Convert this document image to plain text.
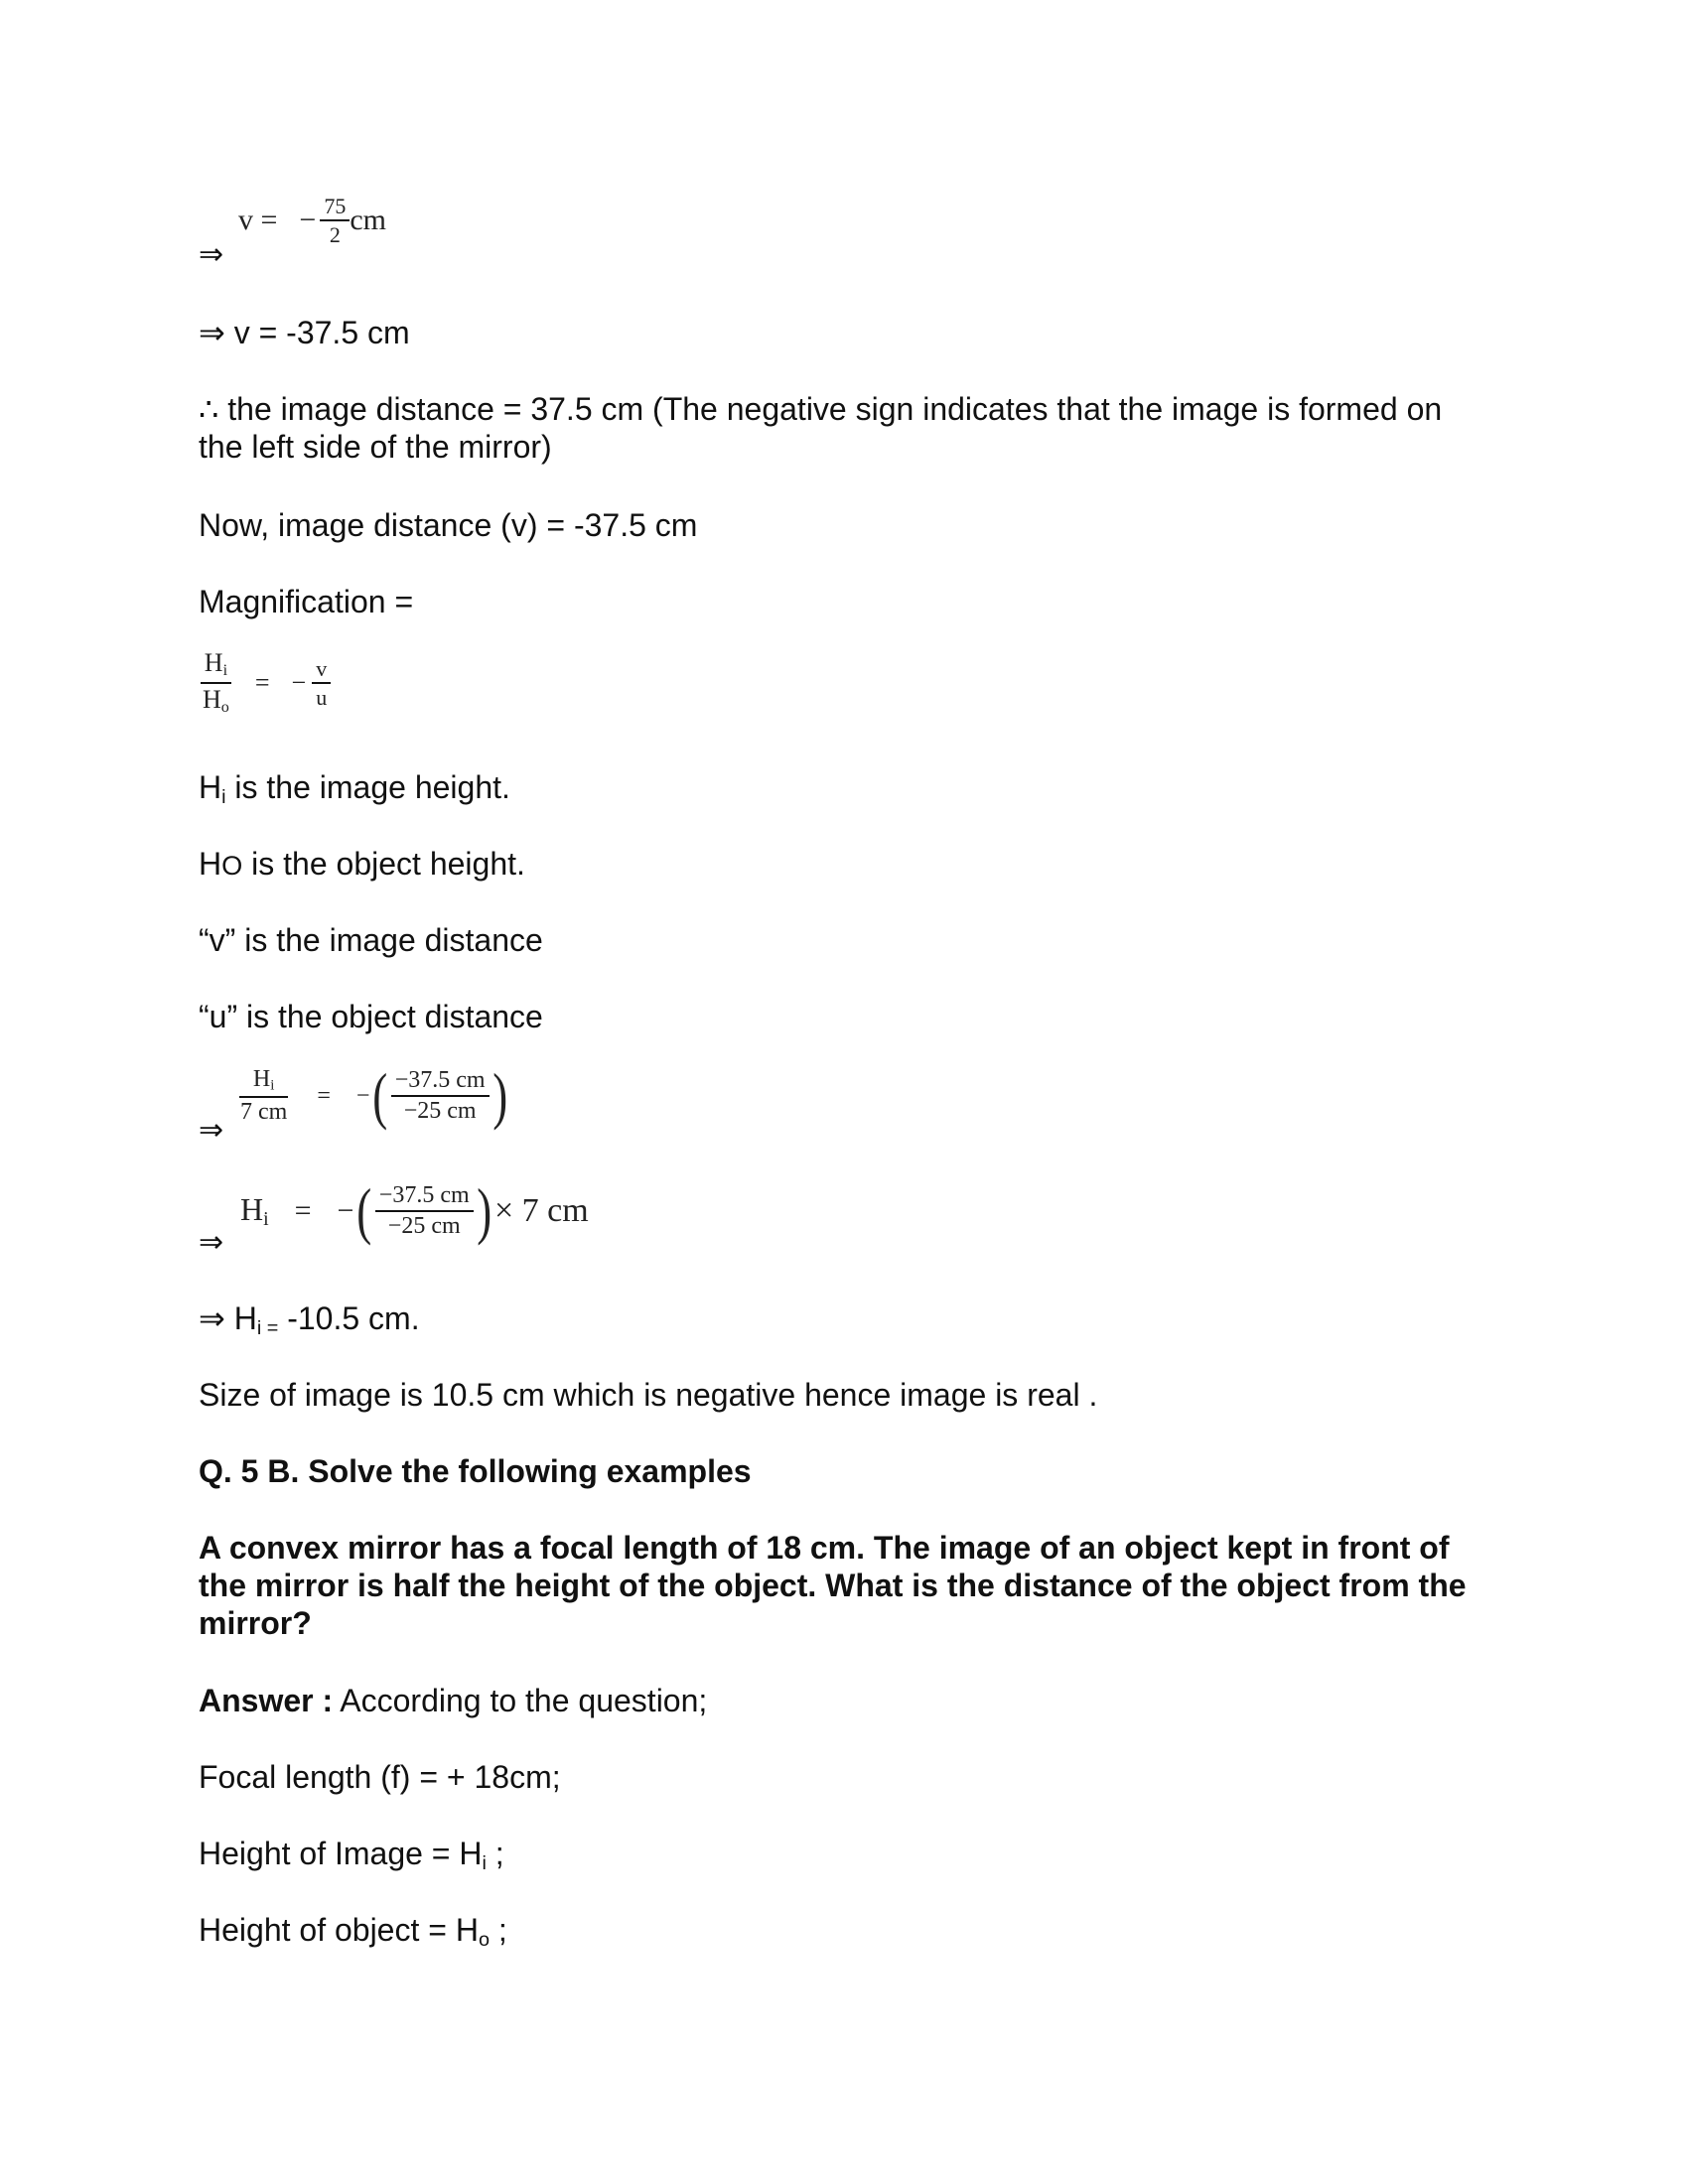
⇒
v = − $\frac{75}{2}$ cm
⇒ v = -37.5 cm
∴ the image distance = 37.5 cm (The negative sign indicates that the image is formed on the left side of the mirror)
Now, image distance (v) = -37.5 cm
Magnification =
$\frac{H_i}{H_o}$ = − $\frac{v}{u}$
$H_i$ is the image height.
HO is the object height.
“v” is the image distance
“u” is the object distance
⇒
$\frac{H_i}{7 cm}$ = − ( $\frac{-37.5 cm}{-25 cm}$ )
⇒
$H_i$ = − ( $\frac{-37.5 cm}{-25 cm}$ ) × 7 cm
⇒ $H_{i =}$ -10.5 cm.
Size of image is 10.5 cm which is negative hence image is real .
Q. 5 B. Solve the following examples
A convex mirror has a focal length of 18 cm. The image of an object kept in front of the mirror is half the height of the object. What is the distance of the object from the mirror?
Answer : According to the question;
Focal length (f) = + 18cm;
Height of Image = $H_i$ ;
Height of object = $H_o$ ;
